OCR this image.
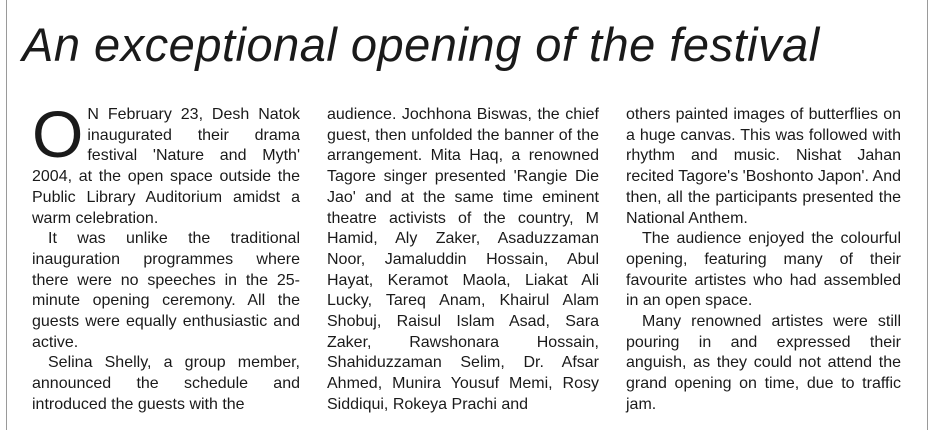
An exceptional opening of the festival

O N February 23, Desh Natok inaugurated their drama festival 'Nature and Myth' 2004, at the open space outside the Public Library Auditorium amidst a warm celebration.

It was unlike the traditional inauguration programmes where there were no speeches in the 25-minute opening ceremony. All the guests were equally enthusiastic and active.

Selina Shelly, a group member, announced the schedule and introduced the guests with the

audience. Jochhona Biswas, the chief guest, then unfolded the banner of the arrangement. Mita Haq, a renowned Tagore singer presented 'Rangie Die Jao' and at the same time eminent theatre activists of the country, M Hamid, Aly Zaker, Asaduzzaman Noor, Jamaluddin Hossain, Abul Hayat, Keramot Maola, Liakat Ali Lucky, Tareq Anam, Khairul Alam Shobuj, Raisul Islam Asad, Sara Zaker, Rawshonara Hossain, Shahiduzzaman Selim, Dr. Afsar Ahmed, Munira Yousuf Memi, Rosy Siddiqui, Rokeya Prachi and

others painted images of butterflies on a huge canvas. This was followed with rhythm and music. Nishat Jahan recited Tagore's 'Boshonto Japon'. And then, all the participants presented the National Anthem.

The audience enjoyed the colourful opening, featuring many of their favourite artistes who had assembled in an open space.

Many renowned artistes were still pouring in and expressed their anguish, as they could not attend the grand opening on time, due to traffic jam.
